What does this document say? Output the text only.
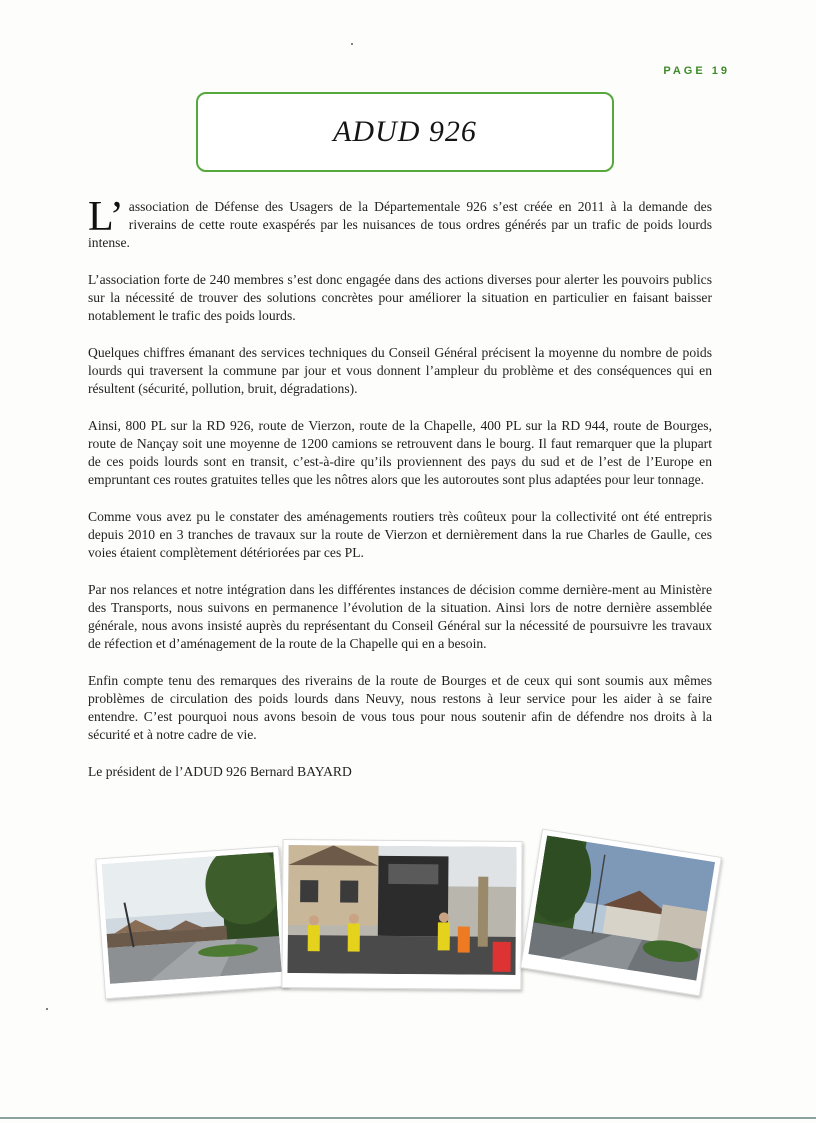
PAGE 19
ADUD 926

L’association de Défense des Usagers de la Départementale 926 s’est créée en 2011 à la demande des riverains de cette route exaspérés par les nuisances de tous ordres générés par un trafic de poids lourds intense.

L’association forte de 240 membres s’est donc engagée dans des actions diverses pour alerter les pouvoirs publics sur la nécessité de trouver des solutions concrètes pour améliorer la situation en particulier en faisant baisser notablement le trafic des poids lourds.

Quelques chiffres émanant des services techniques du Conseil Général précisent la moyenne du nombre de poids lourds qui traversent la commune par jour et vous donnent l’ampleur du problème et des conséquences qui en résultent (sécurité, pollution, bruit, dégradations).

Ainsi, 800 PL sur la RD 926, route de Vierzon, route de la Chapelle, 400 PL sur la RD 944, route de Bourges, route de Nançay soit une moyenne de 1200 camions se retrouvent dans le bourg. Il faut remarquer que la plupart de ces poids lourds sont en transit, c’est-à-dire qu’ils proviennent des pays du sud et de l’est de l’Europe en empruntant ces routes gratuites telles que les nôtres alors que les autoroutes sont plus adaptées pour leur tonnage.

Comme vous avez pu le constater des aménagements routiers très coûteux pour la collectivité ont été entrepris depuis 2010 en 3 tranches de travaux sur la route de Vierzon et dernièrement dans la rue Charles de Gaulle, ces voies étaient complètement détériorées par ces PL.

Par nos relances et notre intégration dans les différentes instances de décision comme dernière-ment au Ministère des Transports, nous suivons en permanence l’évolution de la situation. Ainsi lors de notre dernière assemblée générale, nous avons insisté auprès du représentant du Conseil Général sur la nécessité de poursuivre les travaux de réfection et d’aménagement de la route de la Chapelle qui en a besoin.

Enfin compte tenu des remarques des riverains de la route de Bourges et de ceux qui sont soumis aux mêmes problèmes de circulation des poids lourds dans Neuvy, nous restons à leur service pour les aider à se faire entendre. C’est pourquoi nous avons besoin de vous tous pour nous soutenir afin de défendre nos droits à la sécurité et à notre cadre de vie.

Le président de l’ADUD 926 Bernard BAYARD
